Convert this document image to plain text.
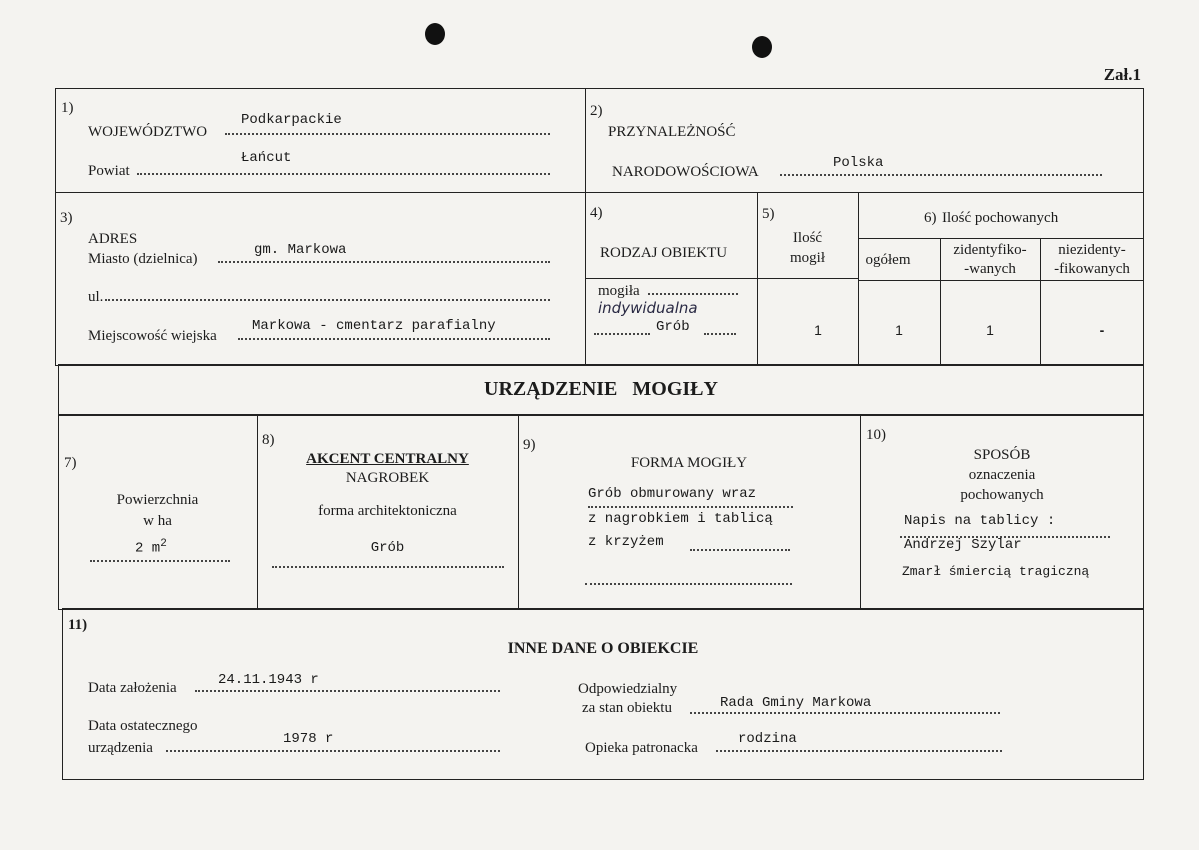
Zał.1
1)
WOJEWÓDZTWO
Podkarpackie
Powiat
Łańcut
2)
PRZYNALEŻNOŚĆ
NARODOWOŚCIOWA
Polska
3)
ADRES
Miasto (dzielnica)
gm. Markowa
ul.
Miejscowość wiejska
Markowa - cmentarz parafialny
4)
RODZAJ OBIEKTU
mogiła
indywidualna
Grób
5)
Ilość
mogił
1
6) Ilość pochowanych
ogółem
zidentyfiko-
-wanych
niezidenty-
-fikowanych
1	1	-
URZĄDZENIE   MOGIŁY
7)
Powierzchnia
w ha
2 $m^2$
8)
AKCENT CENTRALNY
NAGROBEK
forma architektoniczna
Grób
9)
FORMA MOGIŁY
Grób obmurowany wraz
z nagrobkiem i tablicą
z krzyżem
10)
SPOSÓB
oznaczenia
pochowanych
Napis na tablicy :
Andrzej Szylar
Zmarł śmiercią tragiczną
11)
INNE DANE O OBIEKCIE
Data założenia	24.11.1943 r
Data ostatecznego
urządzenia
1978 r
Odpowiedzialny
za stan obiektu	Rada Gminy Markowa
Opieka patronacka
rodzina
